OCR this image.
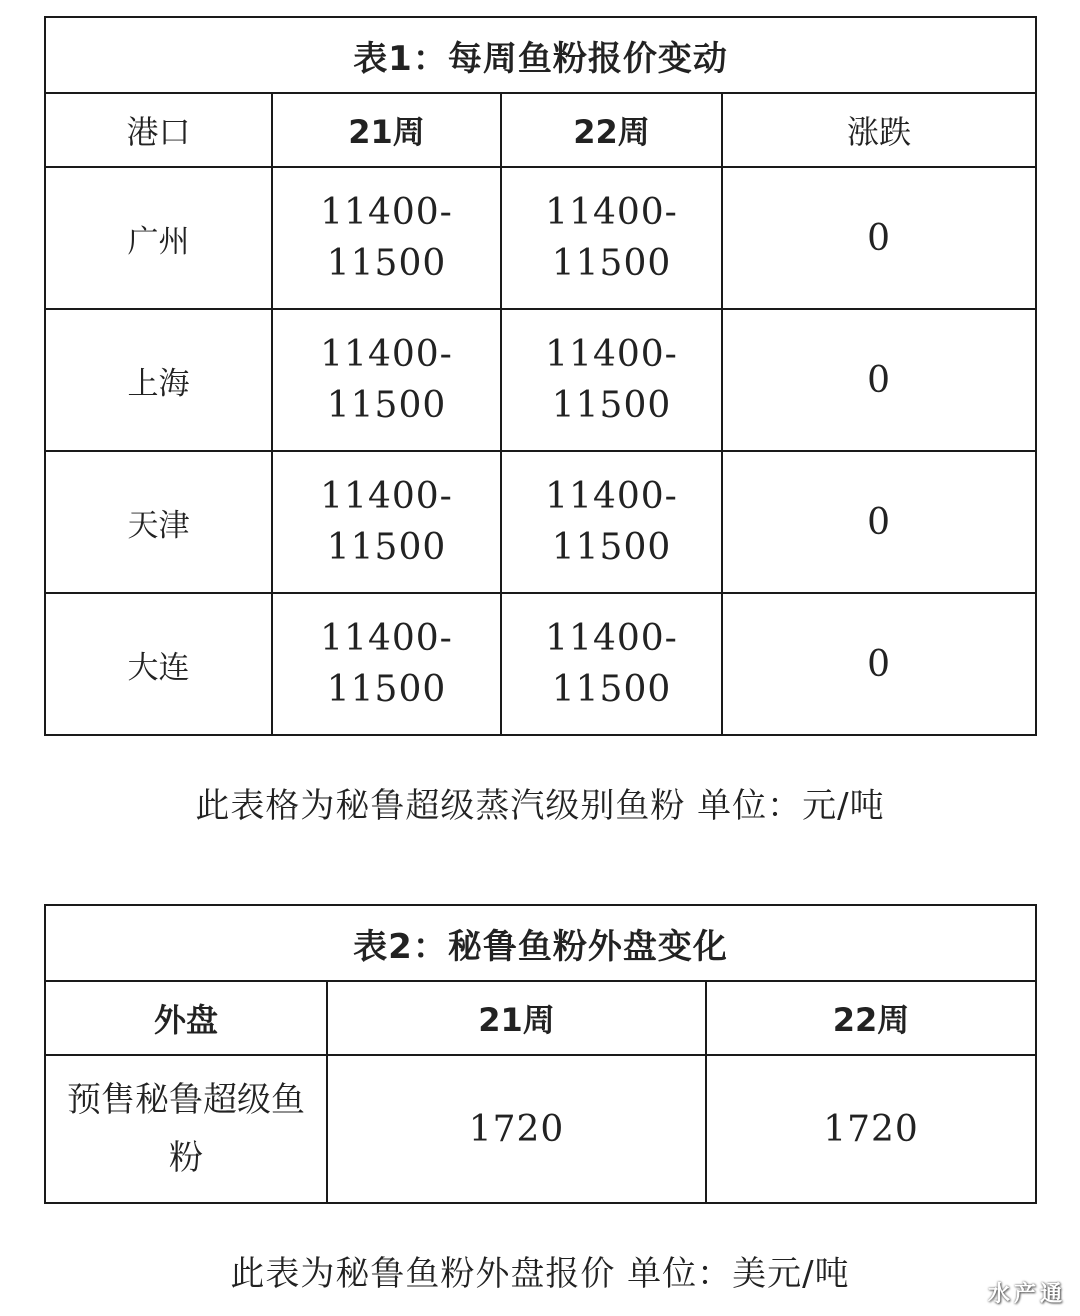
表1：每周鱼粉报价变动			
港口	21周	22周	涨跌
广州	11400-11500	11400-11500	0
上海	11400-11500	11400-11500	0
天津	11400-11500	11400-11500	0
大连	11400-11500	11400-11500	0
此表格为秘鲁超级蒸汽级别鱼粉 单位：元/吨
表2：秘鲁鱼粉外盘变化		
外盘	21周	22周
预售秘鲁超级鱼粉	1720	1720
此表为秘鲁鱼粉外盘报价 单位：美元/吨
水产通
